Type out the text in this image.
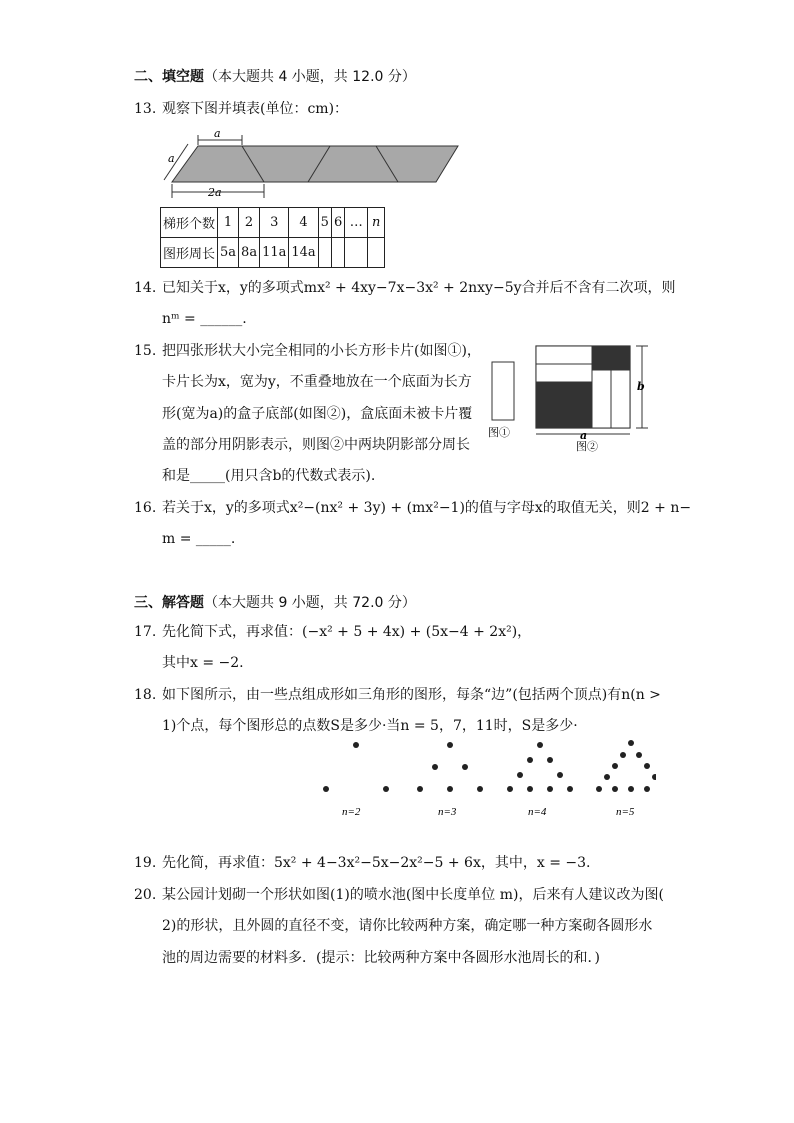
二、填空题（本大题共 4 小题，共 12.0 分）
13. 观察下图并填表(单位：cm)：
a
a
2a
梯形个数	1	2	3	4	5	6	…	n
图形周长	5a	8a	11a	14a				
14. 已知关于x，y的多项式mx² + 4xy−7x−3x² + 2nxy−5y合并后不含有二次项，则
nᵐ = ______.
15. 把四张形状大小完全相同的小长方形卡片(如图①)，
卡片长为x，宽为y，不重叠地放在一个底面为长方
形(宽为a)的盒子底部(如图②)，盒底面未被卡片覆
盖的部分用阴影表示，则图②中两块阴影部分周长
和是_____(用只含b的代数式表示).
图①
b
a
图②
16. 若关于x，y的多项式x²−(nx² + 3y) + (mx²−1)的值与字母x的取值无关，则2 + n−
m = _____.
三、解答题（本大题共 9 小题，共 72.0 分）
17. 先化简下式，再求值：(−x² + 5 + 4x) + (5x−4 + 2x²)，
其中x = −2.
18. 如下图所示，由一些点组成形如三角形的图形，每条“边”(包括两个顶点)有n(n >
1)个点，每个图形总的点数S是多少·当n = 5，7，11时，S是多少·
n=2	n=3	n=4	n=5
19. 先化简，再求值：5x² + 4−3x²−5x−2x²−5 + 6x，其中，x = −3.
20. 某公园计划砌一个形状如图(1)的喷水池(图中长度单位 m)，后来有人建议改为图(
2)的形状，且外圆的直径不变，请你比较两种方案，确定哪一种方案砌各圆形水
池的周边需要的材料多．(提示：比较两种方案中各圆形水池周长的和．)
